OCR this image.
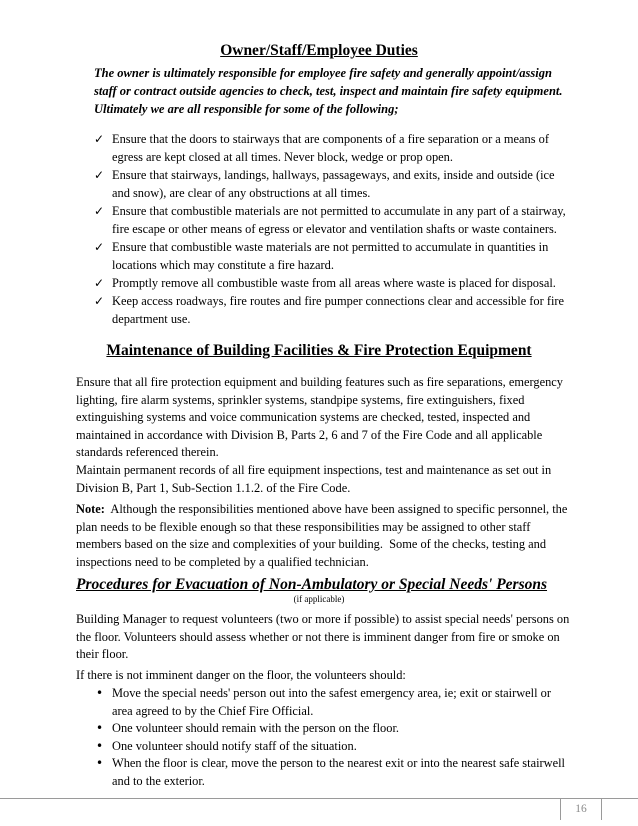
Owner/Staff/Employee Duties
The owner is ultimately responsible for employee fire safety and generally appoint/assign staff or contract outside agencies to check, test, inspect and maintain fire safety equipment. Ultimately we are all responsible for some of the following;
✓ Ensure that the doors to stairways that are components of a fire separation or a means of egress are kept closed at all times. Never block, wedge or prop open.
✓ Ensure that stairways, landings, hallways, passageways, and exits, inside and outside (ice and snow), are clear of any obstructions at all times.
✓ Ensure that combustible materials are not permitted to accumulate in any part of a stairway, fire escape or other means of egress or elevator and ventilation shafts or waste containers.
✓ Ensure that combustible waste materials are not permitted to accumulate in quantities in locations which may constitute a fire hazard.
✓ Promptly remove all combustible waste from all areas where waste is placed for disposal.
✓ Keep access roadways, fire routes and fire pumper connections clear and accessible for fire department use.
Maintenance of Building Facilities & Fire Protection Equipment
Ensure that all fire protection equipment and building features such as fire separations, emergency lighting, fire alarm systems, sprinkler systems, standpipe systems, fire extinguishers, fixed extinguishing systems and voice communication systems are checked, tested, inspected and maintained in accordance with Division B, Parts 2, 6 and 7 of the Fire Code and all applicable standards referenced therein.
Maintain permanent records of all fire equipment inspections, test and maintenance as set out in Division B, Part 1, Sub-Section 1.1.2. of the Fire Code.
Note:  Although the responsibilities mentioned above have been assigned to specific personnel, the plan needs to be flexible enough so that these responsibilities may be assigned to other staff members based on the size and complexities of your building.  Some of the checks, testing and inspections need to be completed by a qualified technician.
Procedures for Evacuation of Non-Ambulatory or Special Needs' Persons
(if applicable)
Building Manager to request volunteers (two or more if possible) to assist special needs' persons on the floor. Volunteers should assess whether or not there is imminent danger from fire or smoke on their floor.
If there is not imminent danger on the floor, the volunteers should:
• Move the special needs' person out into the safest emergency area, ie; exit or stairwell or area agreed to by the Chief Fire Official.
• One volunteer should remain with the person on the floor.
• One volunteer should notify staff of the situation.
• When the floor is clear, move the person to the nearest exit or into the nearest safe stairwell and to the exterior.
16
